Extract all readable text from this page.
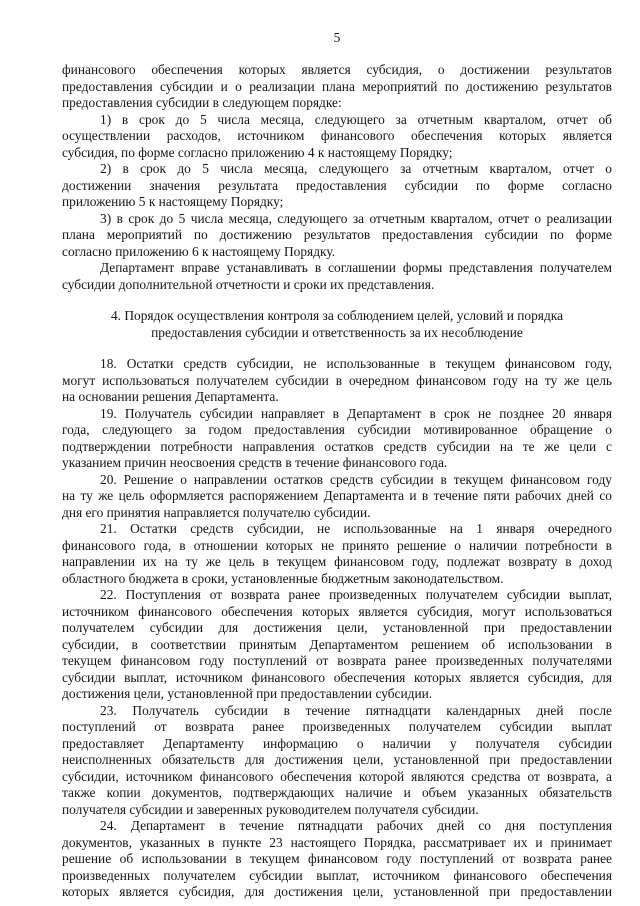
5
финансового обеспечения которых является субсидия, о достижении результатов
предоставления субсидии и о реализации плана мероприятий по достижению результатов
предоставления субсидии в следующем порядке:
1) в срок до 5 числа месяца, следующего за отчетным кварталом, отчет об
осуществлении расходов, источником финансового обеспечения которых является
субсидия, по форме согласно приложению 4 к настоящему Порядку;
2) в срок до 5 числа месяца, следующего за отчетным кварталом, отчет о
достижении значения результата предоставления субсидии по форме согласно
приложению 5 к настоящему Порядку;
3) в срок до 5 числа месяца, следующего за отчетным кварталом, отчет о реализации
плана мероприятий по достижению результатов предоставления субсидии по форме
согласно приложению 6 к настоящему Порядку.
Департамент вправе устанавливать в соглашении формы представления получателем
субсидии дополнительной отчетности и сроки их представления.
4. Порядок осуществления контроля за соблюдением целей, условий и порядка
предоставления субсидии и ответственность за их несоблюдение
18. Остатки средств субсидии, не использованные в текущем финансовом году,
могут использоваться получателем субсидии в очередном финансовом году на ту же цель
на основании решения Департамента.
19. Получатель субсидии направляет в Департамент в срок не позднее 20 января
года, следующего за годом предоставления субсидии мотивированное обращение о
подтверждении потребности направления остатков средств субсидии на те же цели с
указанием причин неосвоения средств в течение финансового года.
20. Решение о направлении остатков средств субсидии в текущем финансовом году
на ту же цель оформляется распоряжением Департамента и в течение пяти рабочих дней со
дня его принятия направляется получателю субсидии.
21. Остатки средств субсидии, не использованные на 1 января очередного
финансового года, в отношении которых не принято решение о наличии потребности в
направлении их на ту же цель в текущем финансовом году, подлежат возврату в доход
областного бюджета в сроки, установленные бюджетным законодательством.
22. Поступления от возврата ранее произведенных получателем субсидии выплат,
источником финансового обеспечения которых является субсидия, могут использоваться
получателем субсидии для достижения цели, установленной при предоставлении
субсидии, в соответствии принятым Департаментом решением об использовании в
текущем финансовом году поступлений от возврата ранее произведенных получателями
субсидии выплат, источником финансового обеспечения которых является субсидия, для
достижения цели, установленной при предоставлении субсидии.
23. Получатель субсидии в течение пятнадцати календарных дней после
поступлений от возврата ранее произведенных получателем субсидии выплат
предоставляет Департаменту информацию о наличии у получателя субсидии
неисполненных обязательств для достижения цели, установленной при предоставлении
субсидии, источником финансового обеспечения которой являются средства от возврата, а
также копии документов, подтверждающих наличие и объем указанных обязательств
получателя субсидии и заверенных руководителем получателя субсидии.
24. Департамент в течение пятнадцати рабочих дней со дня поступления
документов, указанных в пункте 23 настоящего Порядка, рассматривает их и принимает
решение об использовании в текущем финансовом году поступлений от возврата ранее
произведенных получателем субсидии выплат, источником финансового обеспечения
которых является субсидия, для достижения цели, установленной при предоставлении
